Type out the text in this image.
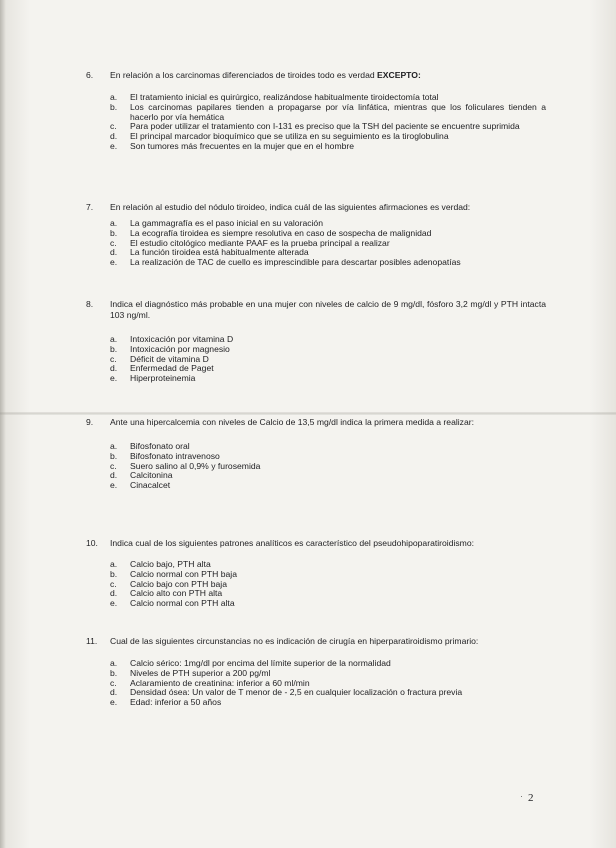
6.	En relación a los carcinomas diferenciados de tiroides todo es verdad EXCEPTO:
a.	El tratamiento inicial es quirúrgico, realizándose habitualmente tiroidectomía total
b.	Los carcinomas papilares tienden a propagarse por vía linfática, mientras que los foliculares tienden a hacerlo por vía hemática
c.	Para poder utilizar el tratamiento con I-131 es preciso que la TSH del paciente se encuentre suprimida
d.	El principal marcador bioquímico que se utiliza en su seguimiento es la tiroglobulina
e.	Son tumores más frecuentes en la mujer que en el hombre
7.	En relación al estudio del nódulo tiroideo, indica cuál de las siguientes afirmaciones es verdad:
a.	La gammagrafía es el paso inicial en su valoración
b.	La ecografía tiroidea es siempre resolutiva en caso de sospecha de malignidad
c.	El estudio citológico mediante PAAF es la prueba principal a realizar
d.	La función tiroidea está habitualmente alterada
e.	La realización de TAC de cuello es imprescindible para descartar posibles adenopatías
8.	Indica el diagnóstico más probable en una mujer con niveles de calcio de 9 mg/dl, fósforo 3,2 mg/dl y PTH intacta 103 ng/ml.
a.	Intoxicación por vitamina D
b.	Intoxicación por magnesio
c.	Déficit de vitamina D
d.	Enfermedad de Paget
e.	Hiperproteinemia
9.	Ante una hipercalcemia con niveles de Calcio de 13,5 mg/dl indica la primera medida a realizar:
a.	Bifosfonato oral
b.	Bifosfonato intravenoso
c.	Suero salino al 0,9% y furosemida
d.	Calcitonina
e.	Cinacalcet
10.	Indica cual de los siguientes patrones analíticos es característico del pseudohipoparatiroidismo:
a.	Calcio bajo, PTH alta
b.	Calcio normal con PTH baja
c.	Calcio bajo con PTH baja
d.	Calcio alto con PTH alta
e.	Calcio normal con PTH alta
11.	Cual de las siguientes circunstancias no es indicación de cirugía en hiperparatiroidismo primario:
a.	Calcio sérico: 1mg/dl por encima del límite superior de la normalidad
b.	Niveles de PTH superior a 200 pg/ml
c.	Aclaramiento de creatinina: inferior a 60 ml/min
d.	Densidad ósea: Un valor de T menor de - 2,5 en cualquier localización o fractura previa
e.	Edad: inferior a 50 años
· 2
